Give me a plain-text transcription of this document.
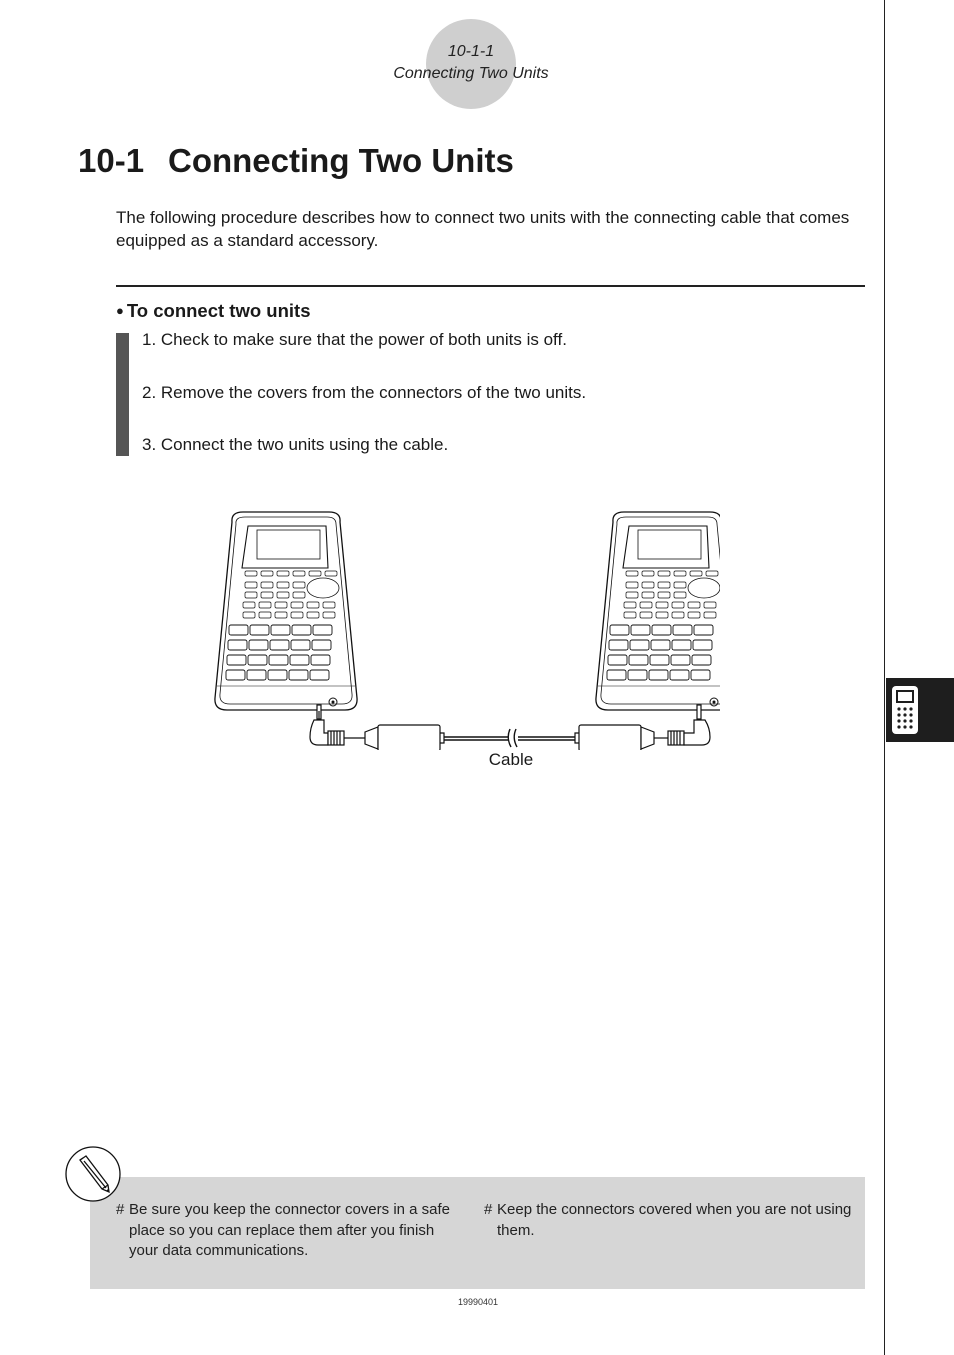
10-1-1
Connecting Two Units
10-1 Connecting Two Units
The following procedure describes how to connect two units with the connecting cable that comes equipped as a standard accessory.
● To connect two units
1. Check to make sure that the power of both units is off.
2. Remove the covers from the connectors of the two units.
3. Connect the two units using the cable.
Cable
# Be sure you keep the connector covers in a safe place so you can replace them after you finish your data communications.
# Keep the connectors covered when you are not using them.
19990401
